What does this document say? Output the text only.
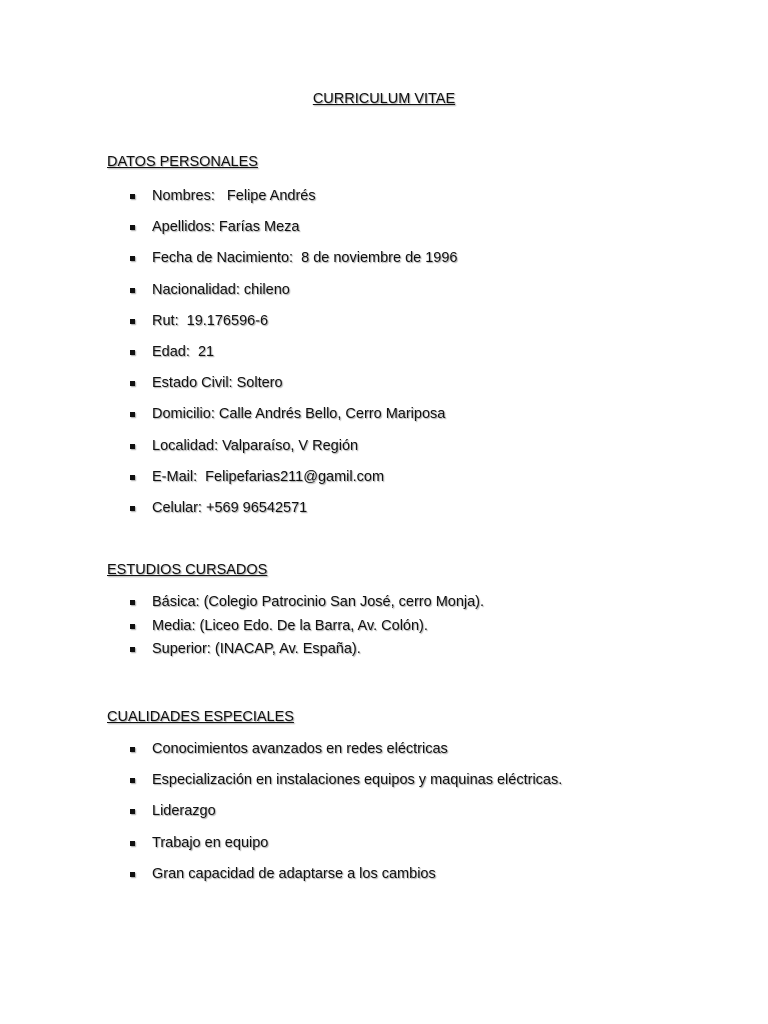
CURRICULUM VITAE
DATOS PERSONALES
Nombres:   Felipe Andrés
Apellidos: Farías Meza
Fecha de Nacimiento:  8 de noviembre de 1996
Nacionalidad: chileno
Rut:  19.176596-6
Edad:  21
Estado Civil: Soltero
Domicilio: Calle Andrés Bello, Cerro Mariposa
Localidad: Valparaíso, V Región
E-Mail:  Felipefarias211@gamil.com
Celular: +569 96542571
ESTUDIOS CURSADOS
Básica: (Colegio Patrocinio San José, cerro Monja).
Media: (Liceo Edo. De la Barra, Av. Colón).
Superior: (INACAP, Av. España).
CUALIDADES ESPECIALES
Conocimientos avanzados en redes eléctricas
Especialización en instalaciones equipos y maquinas eléctricas.
Liderazgo
Trabajo en equipo
Gran capacidad de adaptarse a los cambios
